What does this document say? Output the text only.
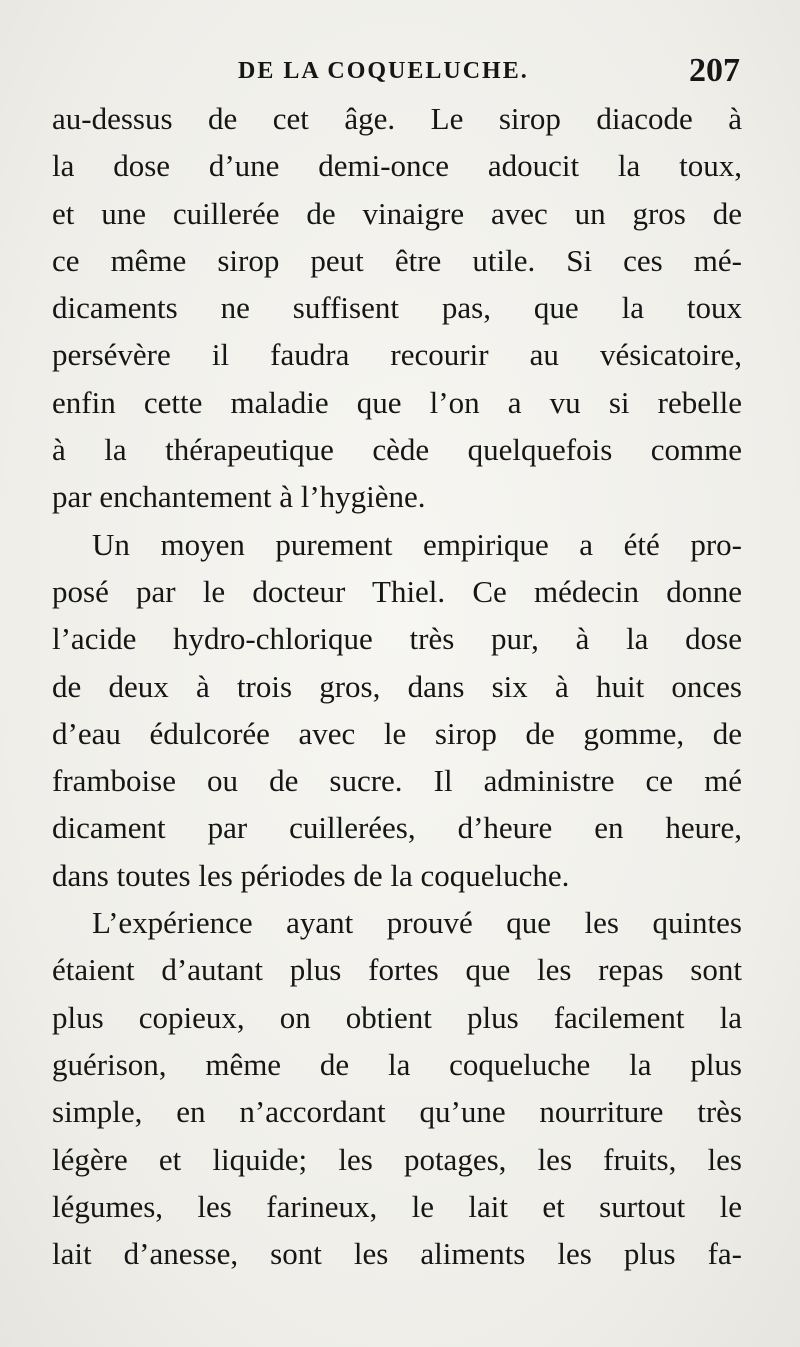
DE LA COQUELUCHE.	207
au-dessus de cet âge. Le sirop diacode à
la dose d’une demi-once adoucit la toux,
et une cuillerée de vinaigre avec un gros de
ce même sirop peut être utile. Si ces mé-
dicaments ne suffisent pas, que la toux
persévère il faudra recourir au vésicatoire,
enfin cette maladie que l’on a vu si rebelle
à la thérapeutique cède quelquefois comme
par enchantement à l’hygiène.
Un moyen purement empirique a été pro-
posé par le docteur Thiel. Ce médecin donne
l’acide hydro-chlorique très pur, à la dose
de deux à trois gros, dans six à huit onces
d’eau édulcorée avec le sirop de gomme, de
framboise ou de sucre. Il administre ce mé
dicament par cuillerées, d’heure en heure,
dans toutes les périodes de la coqueluche.
L’expérience ayant prouvé que les quintes
étaient d’autant plus fortes que les repas sont
plus copieux, on obtient plus facilement la
guérison, même de la coqueluche la plus
simple, en n’accordant qu’une nourriture très
légère et liquide; les potages, les fruits, les
légumes, les farineux, le lait et surtout le
lait d’anesse, sont les aliments les plus fa-
